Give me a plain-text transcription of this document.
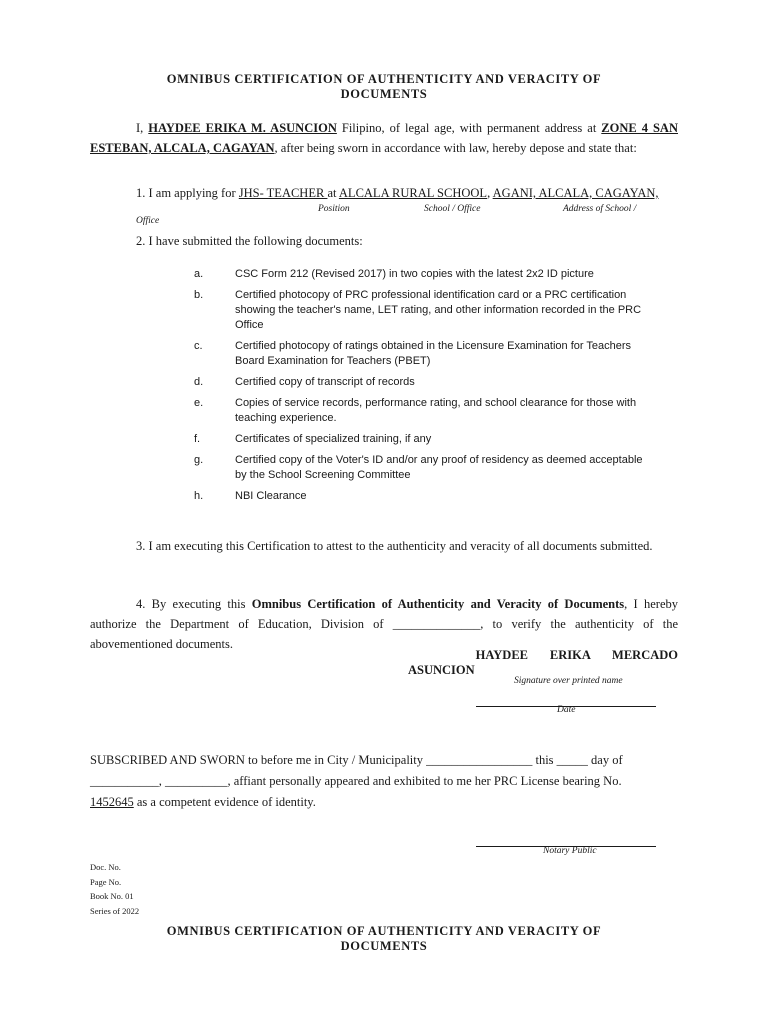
OMNIBUS CERTIFICATION OF AUTHENTICITY AND VERACITY OF
DOCUMENTS
I, HAYDEE ERIKA M. ASUNCION Filipino, of legal age, with permanent address at ZONE 4 SAN ESTEBAN, ALCALA, CAGAYAN, after being sworn in accordance with law, hereby depose and state that:
1. I am applying for JHS- TEACHER at ALCALA RURAL SCHOOL, AGANI, ALCALA, CAGAYAN,
Position	School / Office	Address of School /
Office
2. I have submitted the following documents:
a.	CSC Form 212 (Revised 2017) in two copies with the latest 2x2 ID picture
b.	Certified photocopy of PRC professional identification card or a PRC certification showing the teacher's name, LET rating, and other information recorded in the PRC Office
c.	Certified photocopy of ratings obtained in the Licensure Examination for Teachers Board Examination for Teachers (PBET)
d.	Certified copy of transcript of records
e.	Copies of service records, performance rating, and school clearance for those with teaching experience.
f.	Certificates of specialized training, if any
g.	Certified copy of the Voter's ID and/or any proof of residency as deemed acceptable by the School Screening Committee
h.	NBI Clearance
3. I am executing this Certification to attest to the authenticity and veracity of all documents submitted.
4. By executing this Omnibus Certification of Authenticity and Veracity of Documents, I hereby authorize the Department of Education, Division of ______________, to verify the authenticity of the abovementioned documents.
HAYDEE       ERIKA       MERCADO
ASUNCION
Signature over printed name
Date
SUBSCRIBED AND SWORN to before me in City / Municipality _________________ this _____ day of
___________, __________, affiant personally appeared and exhibited to me her PRC License bearing No.
1452645 as a competent evidence of identity.
Notary Public
Doc. No.
Page No.
Book No. 01
Series of 2022
OMNIBUS CERTIFICATION OF AUTHENTICITY AND VERACITY OF
DOCUMENTS
